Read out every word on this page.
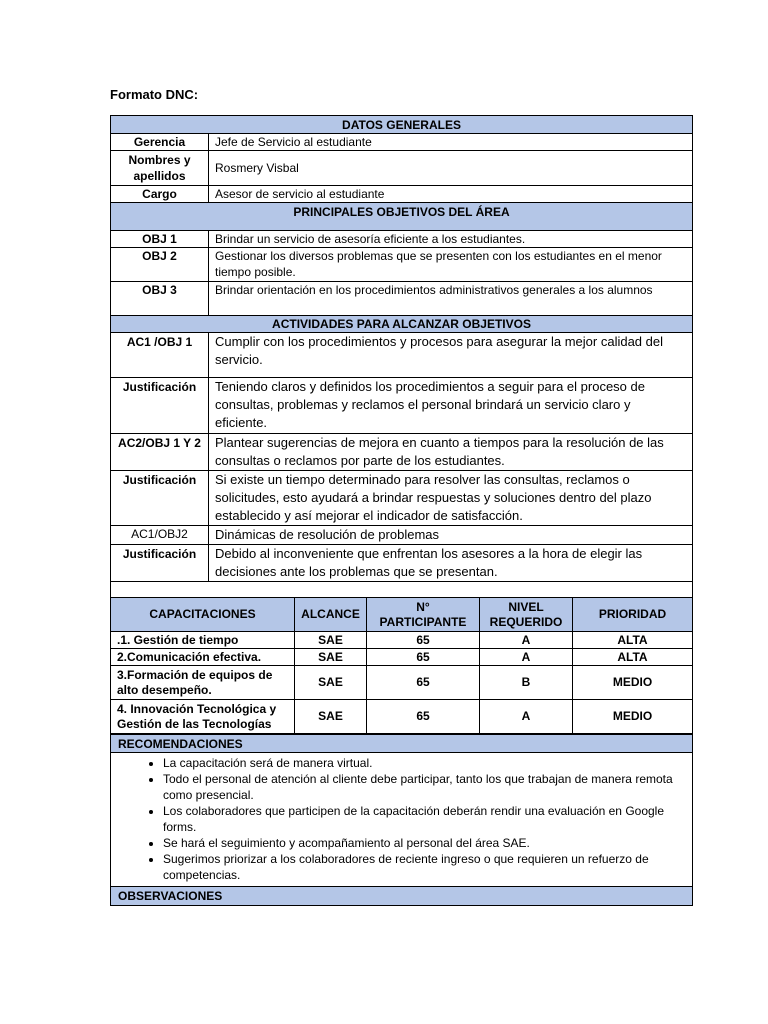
Formato DNC:
DATOS GENERALES	
Gerencia	Jefe de Servicio al estudiante
Nombres y apellidos	Rosmery Visbal
Cargo	Asesor de servicio al estudiante
PRINCIPALES OBJETIVOS DEL ÁREA	
OBJ 1	Brindar un servicio de asesoría eficiente a los estudiantes.
OBJ 2	Gestionar los diversos problemas que se presenten con los estudiantes en el menor tiempo posible.
OBJ 3	Brindar orientación en los procedimientos administrativos generales a los alumnos
ACTIVIDADES PARA ALCANZAR OBJETIVOS	
AC1 /OBJ 1	Cumplir con los procedimientos y procesos para asegurar la mejor calidad del servicio.
Justificación	Teniendo claros y definidos los procedimientos a seguir para el proceso de consultas, problemas y reclamos el personal brindará un servicio claro y eficiente.
AC2/OBJ 1 Y 2	Plantear sugerencias de mejora en cuanto a tiempos para la resolución de las consultas o reclamos por parte de los estudiantes.
Justificación	Si existe un tiempo determinado para resolver las consultas, reclamos o solicitudes, esto ayudará a brindar respuestas y soluciones dentro del plazo establecido y así mejorar el indicador de satisfacción.
AC1/OBJ2	Dinámicas de resolución de problemas
Justificación	Debido al inconveniente que enfrentan los asesores a la hora de elegir las decisiones ante los problemas que se presentan.

CAPACITACIONES	ALCANCE	N° PARTICIPANTE	NIVEL REQUERIDO	PRIORIDAD
.1. Gestión de tiempo	SAE	65	A	ALTA
2.Comunicación efectiva.	SAE	65	A	ALTA
3.Formación de equipos de alto desempeño.	SAE	65	B	MEDIO
4. Innovación Tecnológica y Gestión de las Tecnologías	SAE	65	A	MEDIO
RECOMENDACIONES

• La capacitación será de manera virtual.
• Todo el personal de atención al cliente debe participar, tanto los que trabajan de manera remota como presencial.
• Los colaboradores que participen de la capacitación deberán rendir una evaluación en Google forms.
• Se hará el seguimiento y acompañamiento al personal del área SAE.
• Sugerimos priorizar a los colaboradores de reciente ingreso o que requieren un refuerzo de competencias.

OBSERVACIONES
